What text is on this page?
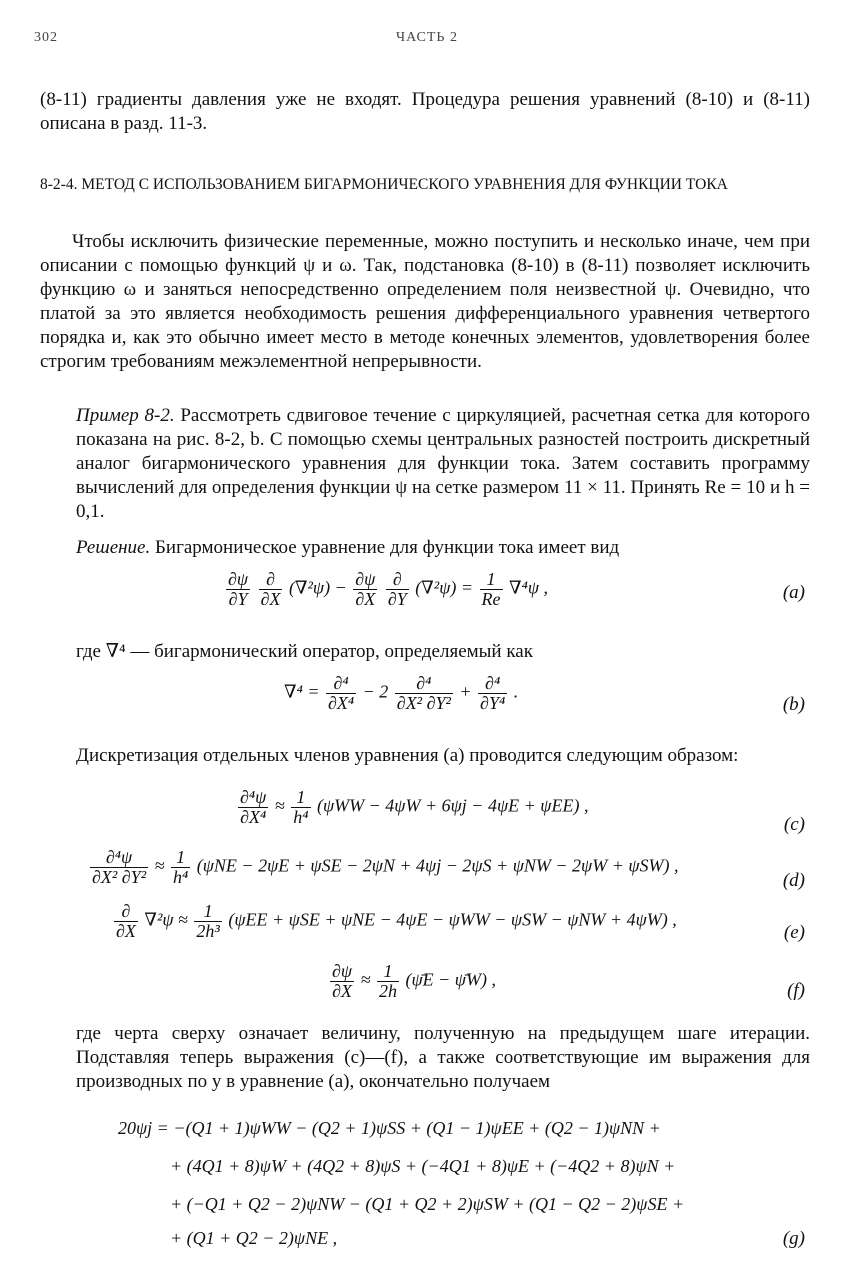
302	ЧАСТЬ 2
(8-11) градиенты давления уже не входят. Процедура решения уравнений (8-10) и (8-11) описана в разд. 11-3.
8-2-4. МЕТОД С ИСПОЛЬЗОВАНИЕМ БИГАРМОНИЧЕСКОГО УРАВНЕНИЯ ДЛЯ ФУНКЦИИ ТОКА
Чтобы исключить физические переменные, можно поступить и несколько иначе, чем при описании с помощью функций ψ и ω. Так, подстановка (8-10) в (8-11) позволяет исключить функцию ω и заняться непосредственно определением поля неизвестной ψ. Очевидно, что платой за это является необходимость решения дифференциального уравнения четвертого порядка и, как это обычно имеет место в методе конечных элементов, удовлетворения более строгим требованиям межэлементной непрерывности.
Пример 8-2. Рассмотреть сдвиговое течение с циркуляцией, расчетная сетка для которого показана на рис. 8-2, b. С помощью схемы центральных разностей построить дискретный аналог бигармонического уравнения для функции тока. Затем составить программу вычислений для определения функции ψ на сетке размером 11 × 11. Принять Re = 10 и h = 0,1.
Решение. Бигармоническое уравнение для функции тока имеет вид
$\frac{\partial\psi}{\partial Y}$
$\frac{\partial}{\partial X} (\nabla^2\psi) - \frac{\partial\psi}{\partial X}$
$\frac{\partial}{\partial Y} (\nabla^2\psi) = \frac{1}{Re} \nabla^4\psi$ ,	(a)
где ∇⁴ — бигармонический оператор, определяемый как
$\nabla^4 = \frac{\text{∂⁴}}{\text{∂X⁴}} - 2 \frac{\text{∂⁴}}{\text{∂X² ∂Y²}} + \frac{\text{∂⁴}}{\text{∂Y⁴}}$ .
(b)
Дискретизация отдельных членов уравнения (a) проводится следующим образом:
$\frac{\text{∂⁴ψ}}{\text{∂X⁴}} \approx \frac{1}{\text{h⁴}} (\psi WW - 4\psi W + 6\psi j - 4\psi E + \psi EE)$ ,
(c)
$\frac{\text{∂⁴ψ}}{\text{∂X² ∂Y²}} \approx \frac{1}{\text{h⁴}} (\psi NE - 2\psi E + \psi SE - 2\psi N + 4\psi j - 2\psi S + \psi NW - 2\psi W + \psi SW)$ ,
(d)
$\frac{\partial}{\partial X} \nabla^2\psi \approx \frac{1}{\text{2h³}} (\psi EE + \psi SE + \psi NE - 4\psi E - \psi WW - \psi SW - \psi NW + 4\psi W)$ ,
(e)
$\frac{\partial\psi}{\partial X} \approx \frac{1}{2h}$ (ψ̄E − ψ̄W) ,
(f)
где черта сверху означает величину, полученную на предыдущем шаге итерации. Подставляя теперь выражения (c)—(f), а также соответствующие им выражения для производных по y в уравнение (a), окончательно получаем
20ψj = −(Q1 + 1)ψWW − (Q2 + 1)ψSS + (Q1 − 1)ψEE + (Q2 − 1)ψNN +
+ (4Q1 + 8)ψW + (4Q2 + 8)ψS + (−4Q1 + 8)ψE + (−4Q2 + 8)ψN +
+ (−Q1 + Q2 − 2)ψNW − (Q1 + Q2 + 2)ψSW + (Q1 − Q2 − 2)ψSE +
+ (Q1 + Q2 − 2)ψNE ,	(g)
